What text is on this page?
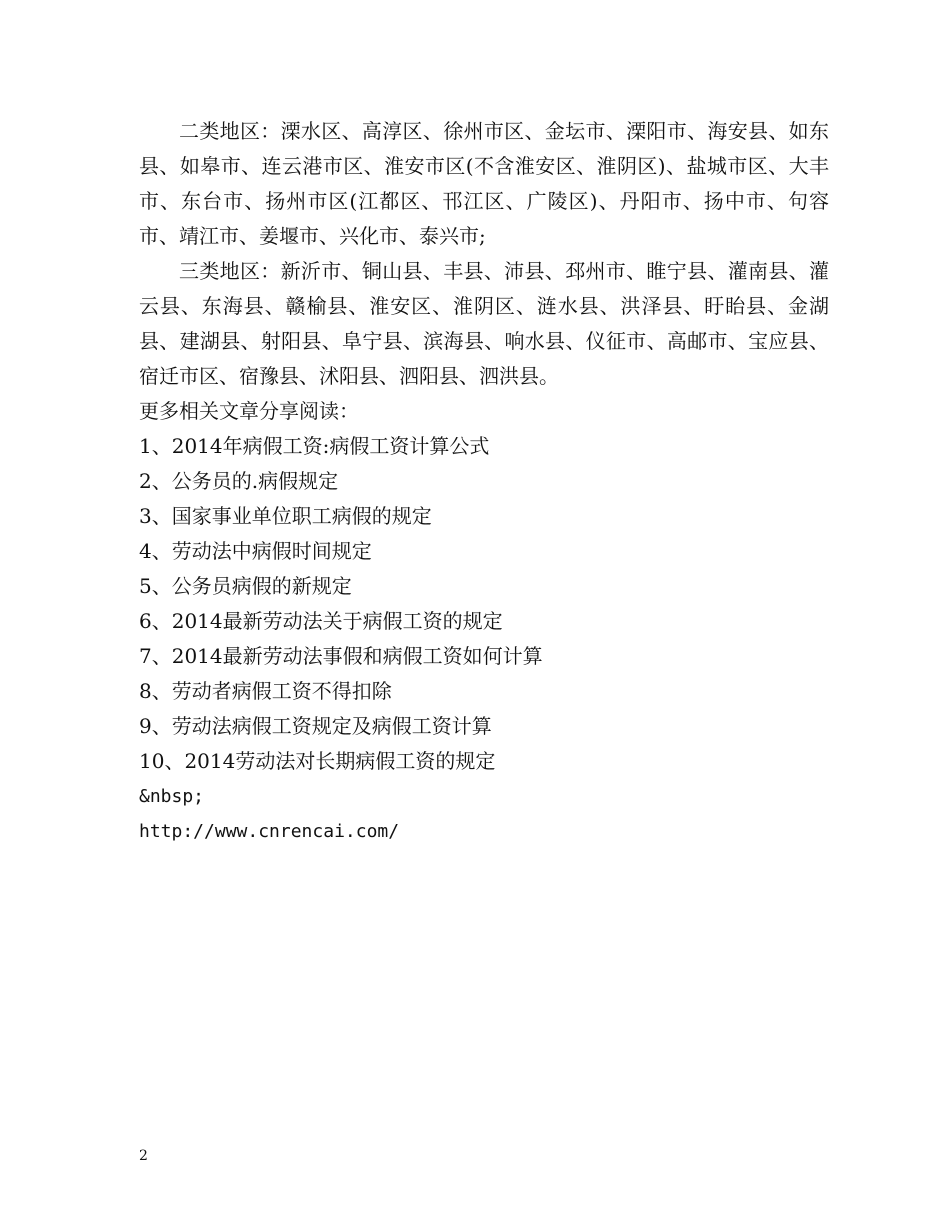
二类地区：溧水区、高淳区、徐州市区、金坛市、溧阳市、海安县、如东县、如皋市、连云港市区、淮安市区(不含淮安区、淮阴区)、盐城市区、大丰市、东台市、扬州市区(江都区、邗江区、广陵区)、丹阳市、扬中市、句容市、靖江市、姜堰市、兴化市、泰兴市;

三类地区：新沂市、铜山县、丰县、沛县、邳州市、睢宁县、灌南县、灌云县、东海县、赣榆县、淮安区、淮阴区、涟水县、洪泽县、盱眙县、金湖县、建湖县、射阳县、阜宁县、滨海县、响水县、仪征市、高邮市、宝应县、宿迁市区、宿豫县、沭阳县、泗阳县、泗洪县。

更多相关文章分享阅读：

1、2014年病假工资:病假工资计算公式
2、公务员的.病假规定
3、国家事业单位职工病假的规定
4、劳动法中病假时间规定
5、公务员病假的新规定
6、2014最新劳动法关于病假工资的规定
7、2014最新劳动法事假和病假工资如何计算
8、劳动者病假工资不得扣除
9、劳动法病假工资规定及病假工资计算
10、2014劳动法对长期病假工资的规定

&nbsp;

http://www.cnrencai.com/

2
